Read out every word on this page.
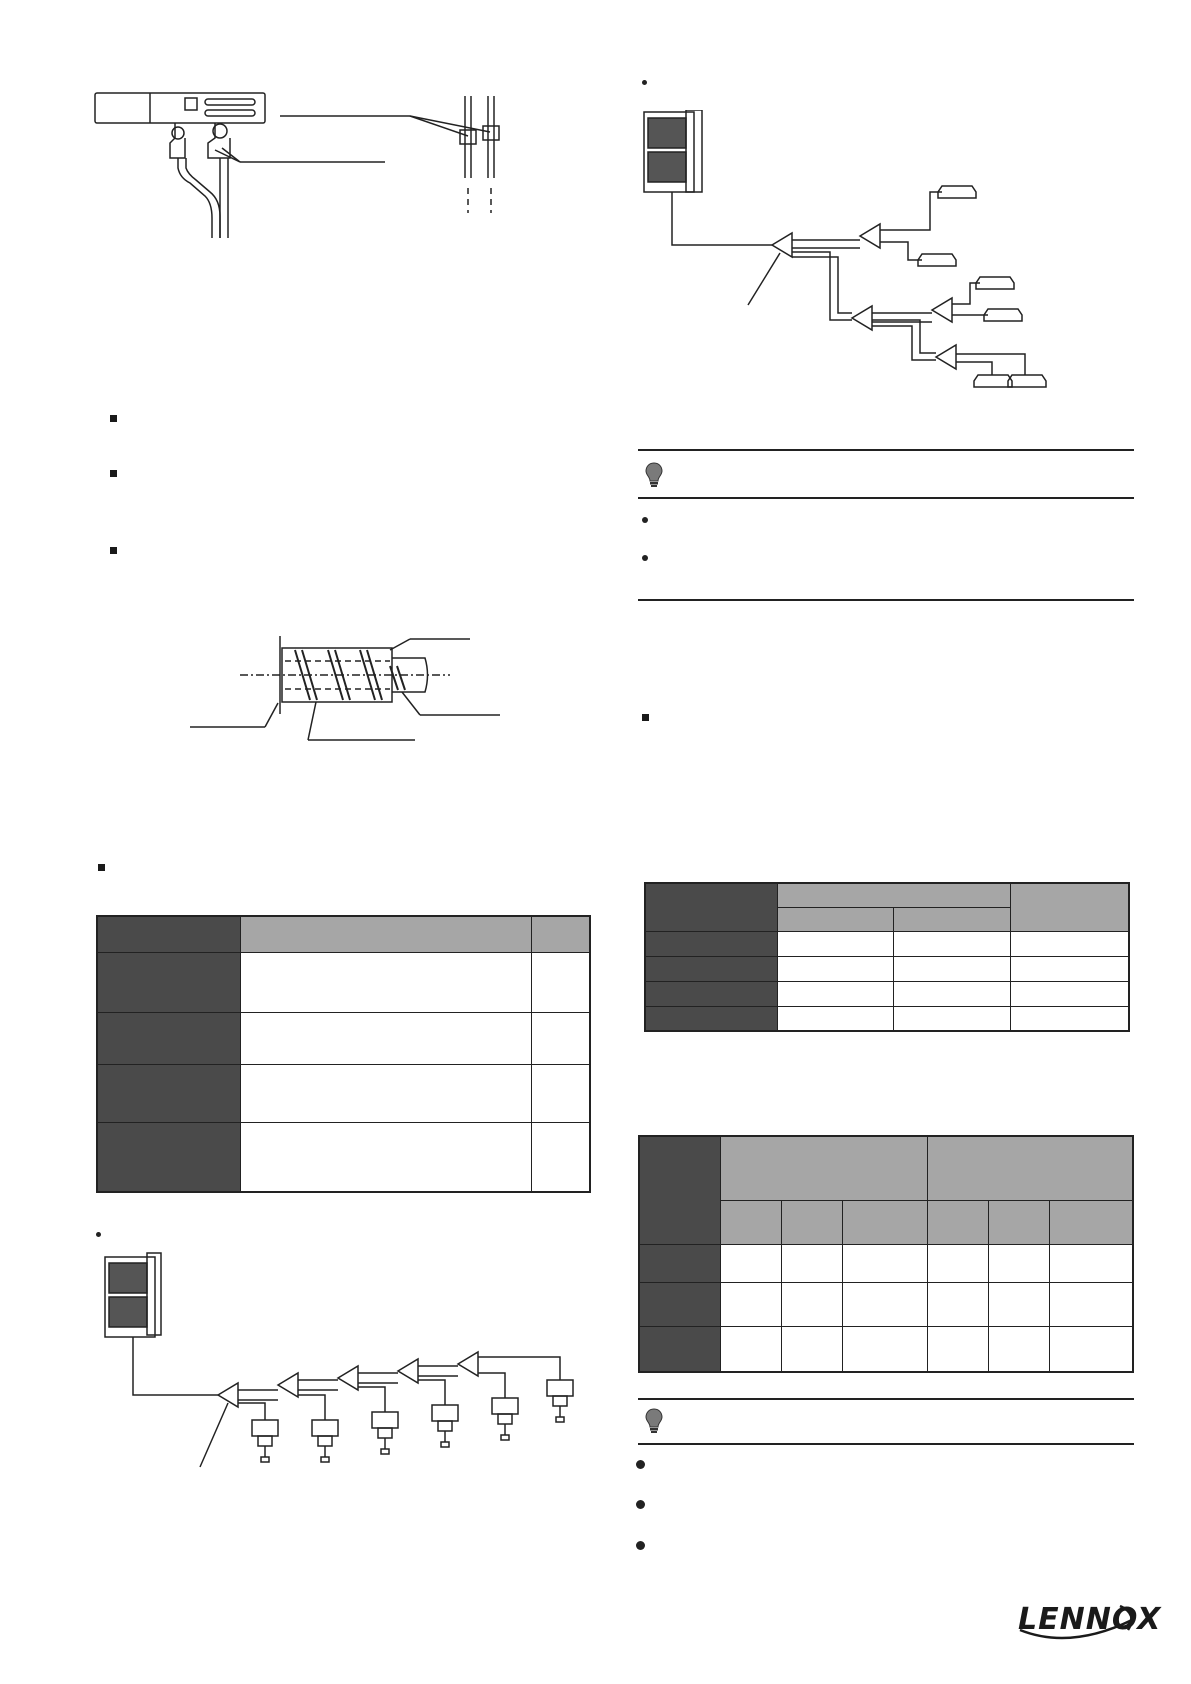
LENNOX
